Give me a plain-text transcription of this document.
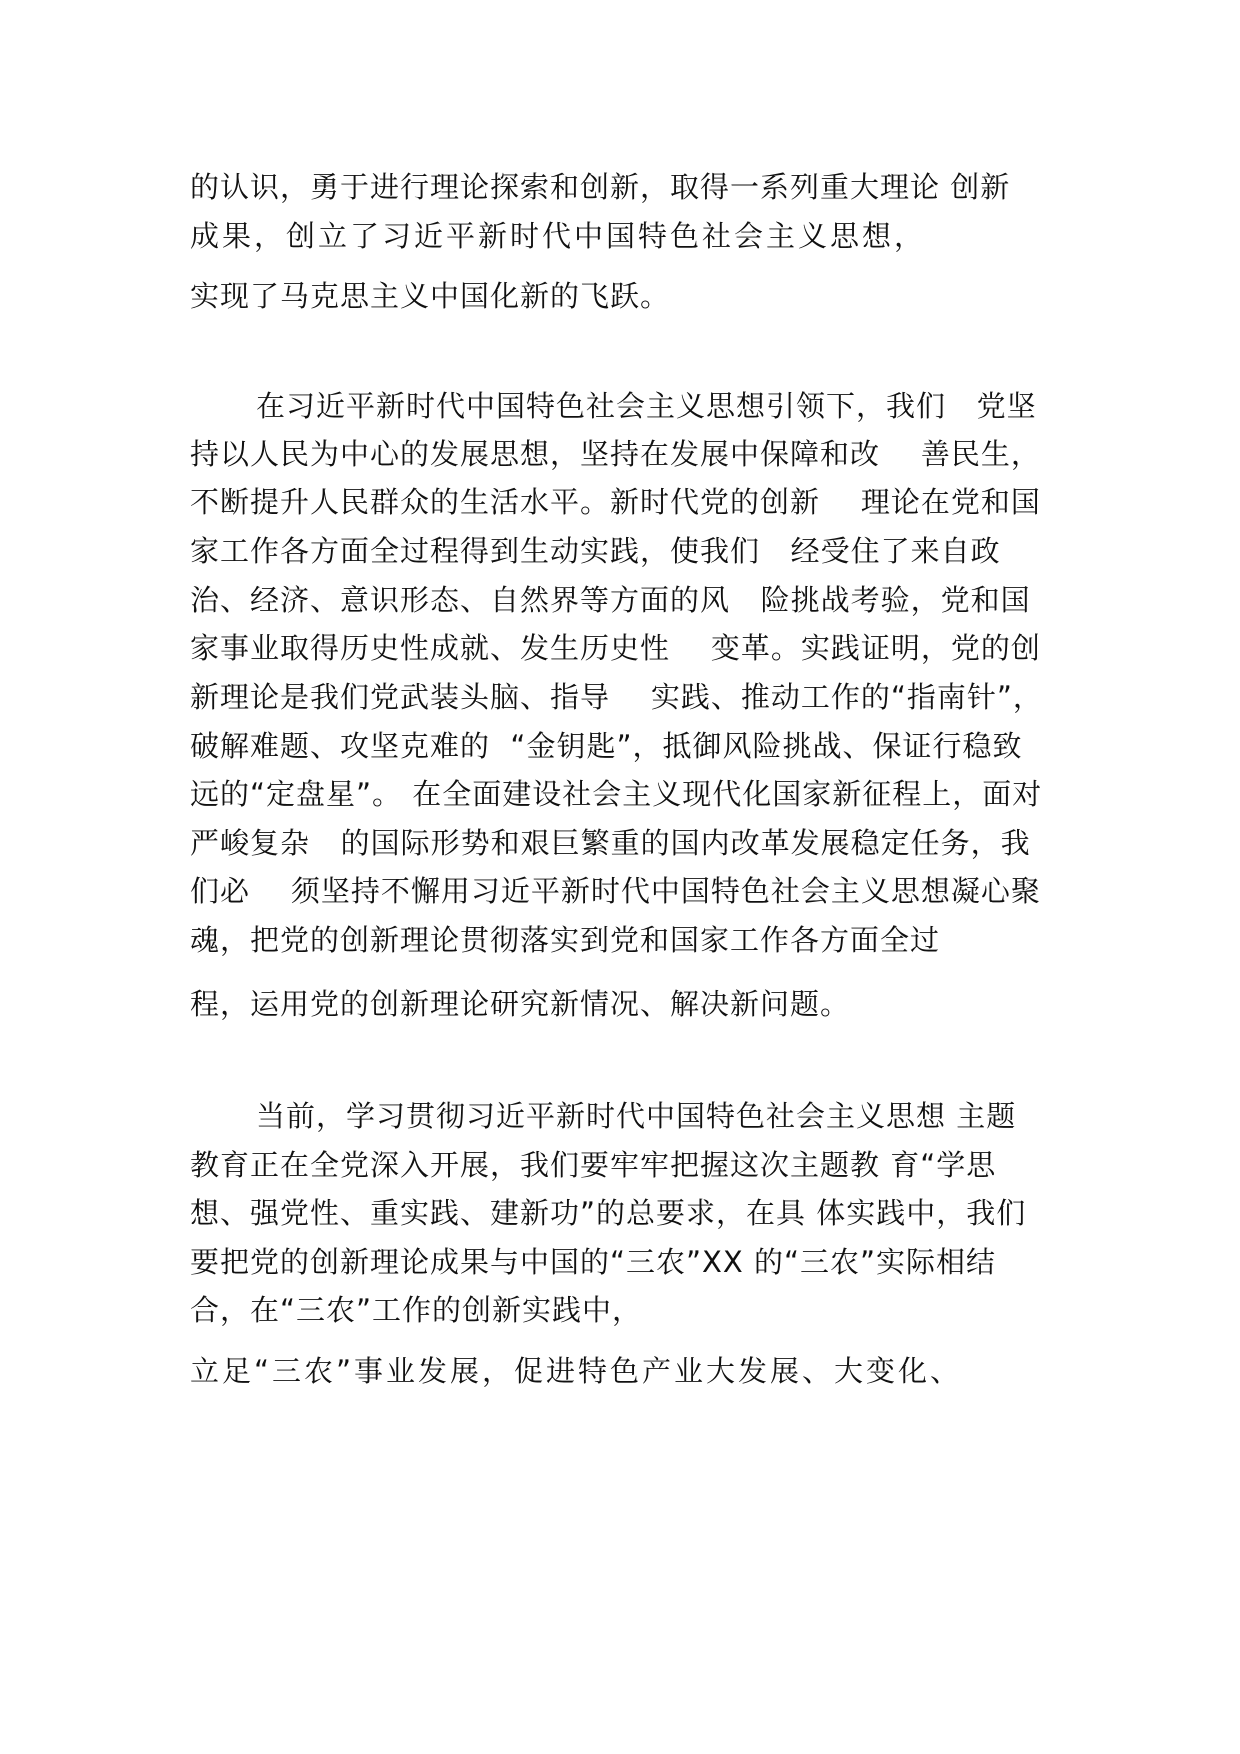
的认识，勇于进行理论探索和创新，取得一系列重大理论 创新
成果，创立了习近平新时代中国特色社会主义思想，
实现了马克思主义中国化新的飞跃。
在习近平新时代中国特色社会主义思想引领下，我们   党坚
持以人民为中心的发展思想，坚持在发展中保障和改    善民生，
不断提升人民群众的生活水平。新时代党的创新    理论在党和国
家工作各方面全过程得到生动实践，使我们   经受住了来自政
治、经济、意识形态、自然界等方面的风   险挑战考验，党和国
家事业取得历史性成就、发生历史性    变革。实践证明，党的创
新理论是我们党武装头脑、指导    实践、推动工作的“指南针”，
破解难题、攻坚克难的  “金钥匙”，抵御风险挑战、保证行稳致
远的“定盘星”。 在全面建设社会主义现代化国家新征程上，面对
严峻复杂   的国际形势和艰巨繁重的国内改革发展稳定任务，我
们必    须坚持不懈用习近平新时代中国特色社会主义思想凝心聚
魂，把党的创新理论贯彻落实到党和国家工作各方面全过
程，运用党的创新理论研究新情况、解决新问题。
当前，学习贯彻习近平新时代中国特色社会主义思想 主题
教育正在全党深入开展，我们要牢牢把握这次主题教 育“学思
想、强党性、重实践、建新功”的总要求，在具 体实践中，我们
要把党的创新理论成果与中国的“三农”XX 的“三农”实际相结
合，在“三农”工作的创新实践中，
立足“三农”事业发展，促进特色产业大发展、大变化、
